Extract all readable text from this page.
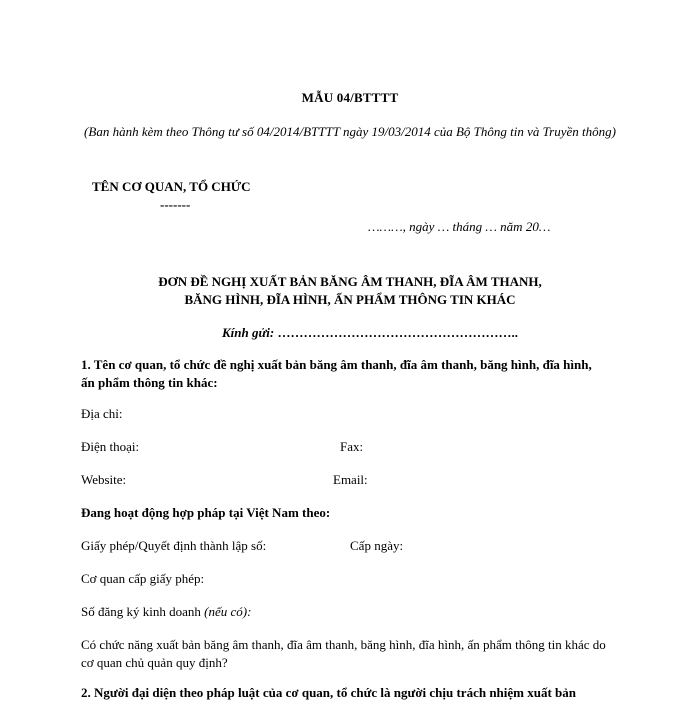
MẪU 04/BTTTT
(Ban hành kèm theo Thông tư số 04/2014/BTTTT ngày 19/03/2014 của Bộ Thông tin và Truyền thông)
TÊN CƠ QUAN, TỔ CHỨC
-------
………, ngày … tháng … năm 20…
ĐƠN ĐỀ NGHỊ XUẤT BẢN BĂNG ÂM THANH, ĐĨA ÂM THANH,
BĂNG HÌNH, ĐĨA HÌNH, ẤN PHẨM THÔNG TIN KHÁC
Kính gửi: ………………………………………………..
1. Tên cơ quan, tổ chức đề nghị xuất bản băng âm thanh, đĩa âm thanh, băng hình, đĩa hình, ấn phẩm thông tin khác:
Địa chỉ:
Điện thoại:	Fax:
Website:	Email:
Đang hoạt động hợp pháp tại Việt Nam theo:
Giấy phép/Quyết định thành lập số:	Cấp ngày:
Cơ quan cấp giấy phép:
Số đăng ký kinh doanh (nếu có):
Có chức năng xuất bản băng âm thanh, đĩa âm thanh, băng hình, đĩa hình, ấn phẩm thông tin khác do cơ quan chủ quản quy định?
2. Người đại diện theo pháp luật của cơ quan, tổ chức là người chịu trách nhiệm xuất bản
